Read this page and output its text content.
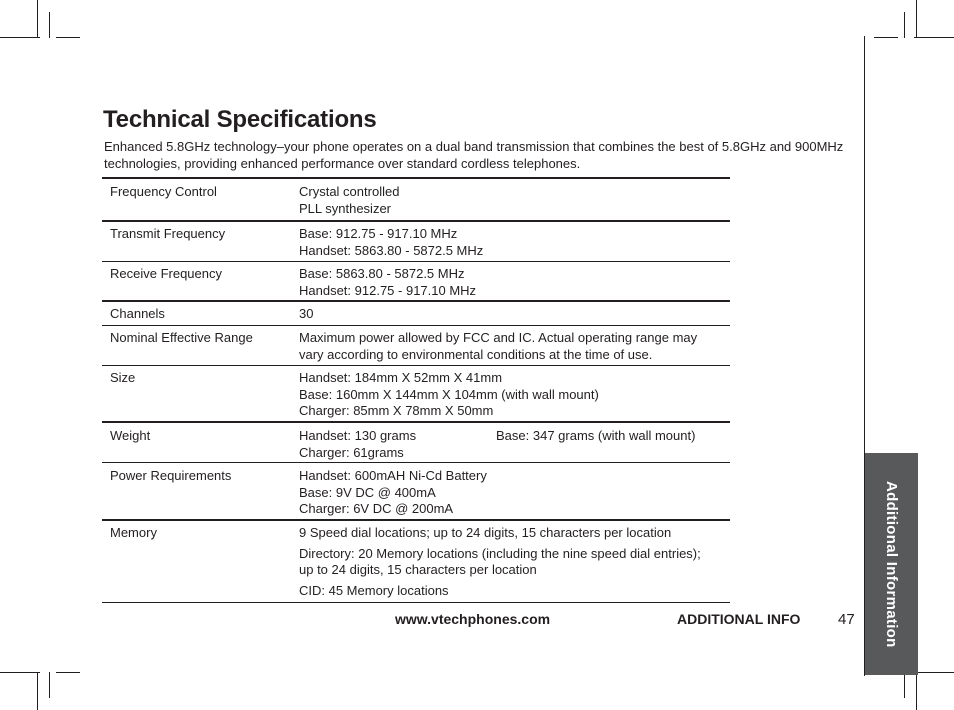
Additional Information
Technical Specifications

Enhanced 5.8GHz technology–your phone operates on a dual band transmission that combines the best of 5.8GHz and 900MHz technologies, providing enhanced performance over standard cordless telephones.

Frequency Control	Crystal controlled
PLL synthesizer
Transmit Frequency	Base: 912.75 - 917.10 MHz
Handset: 5863.80 - 5872.5 MHz
Receive Frequency	Base: 5863.80 - 5872.5 MHz
Handset: 912.75 - 917.10 MHz
Channels	30
Nominal Effective Range	Maximum power allowed by FCC and IC. Actual operating range may
vary according to environmental conditions at the time of use.
Size	Handset: 184mm X 52mm X 41mm
Base: 160mm X 144mm X 104mm (with wall mount)
Charger: 85mm X 78mm X 50mm
Weight	Handset: 130 grams	Base: 347 grams (with wall mount)
Charger: 61grams
Power Requirements	Handset: 600mAH Ni-Cd Battery
Base: 9V DC @ 400mA
Charger: 6V DC @ 200mA
Memory	9 Speed dial locations; up to 24 digits, 15 characters per location
Directory: 20 Memory locations (including the nine speed dial entries);
up to 24 digits, 15 characters per location
CID: 45 Memory locations
www.vtechphones.com	ADDITIONAL INFO	47
